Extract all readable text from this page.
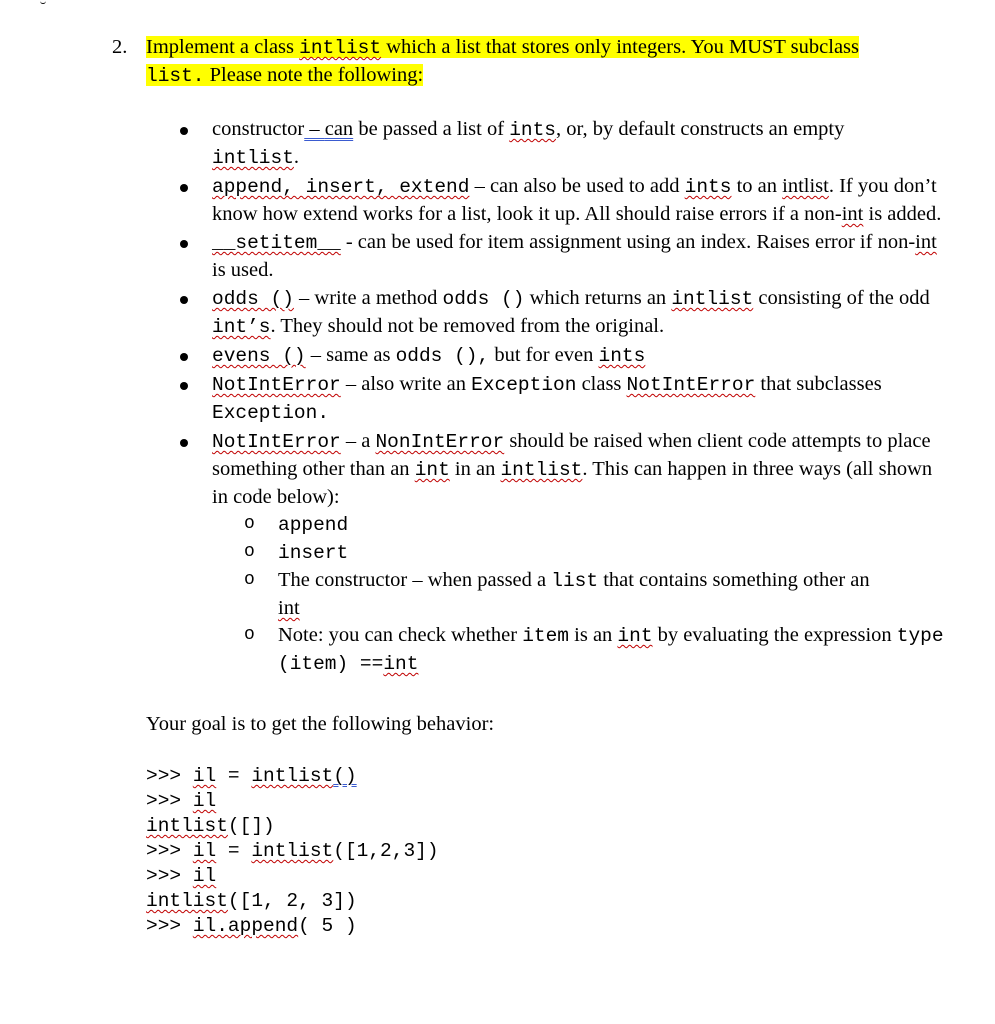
2. Implement a class intlist which a list that stores only integers. You MUST subclass
list. Please note the following:
constructor – can be passed a list of ints, or, by default constructs an empty
intlist.
append, insert, extend – can also be used to add ints to an intlist. If you don’t know how extend works for a list, look it up. All should raise errors if a non-int is added.
__setitem__ - can be used for item assignment using an index. Raises error if non-int is used.
odds () – write a method odds () which returns an intlist consisting of the odd int’s. They should not be removed from the original.
evens () – same as odds (), but for even ints
NotIntError – also write an Exception class NotIntError that subclasses Exception.
NotIntError – a NonIntError should be raised when client code attempts to place something other than an int in an intlist. This can happen in three ways (all shown in code below):
o append
o insert
o The constructor – when passed a list that contains something other an
int
o Note: you can check whether item is an int by evaluating the expression type (item) ==int
Your goal is to get the following behavior:
>>> il = intlist()
>>> il
intlist([])
>>> il = intlist([1,2,3])
>>> il
intlist([1, 2, 3])
>>> il.append( 5 )
